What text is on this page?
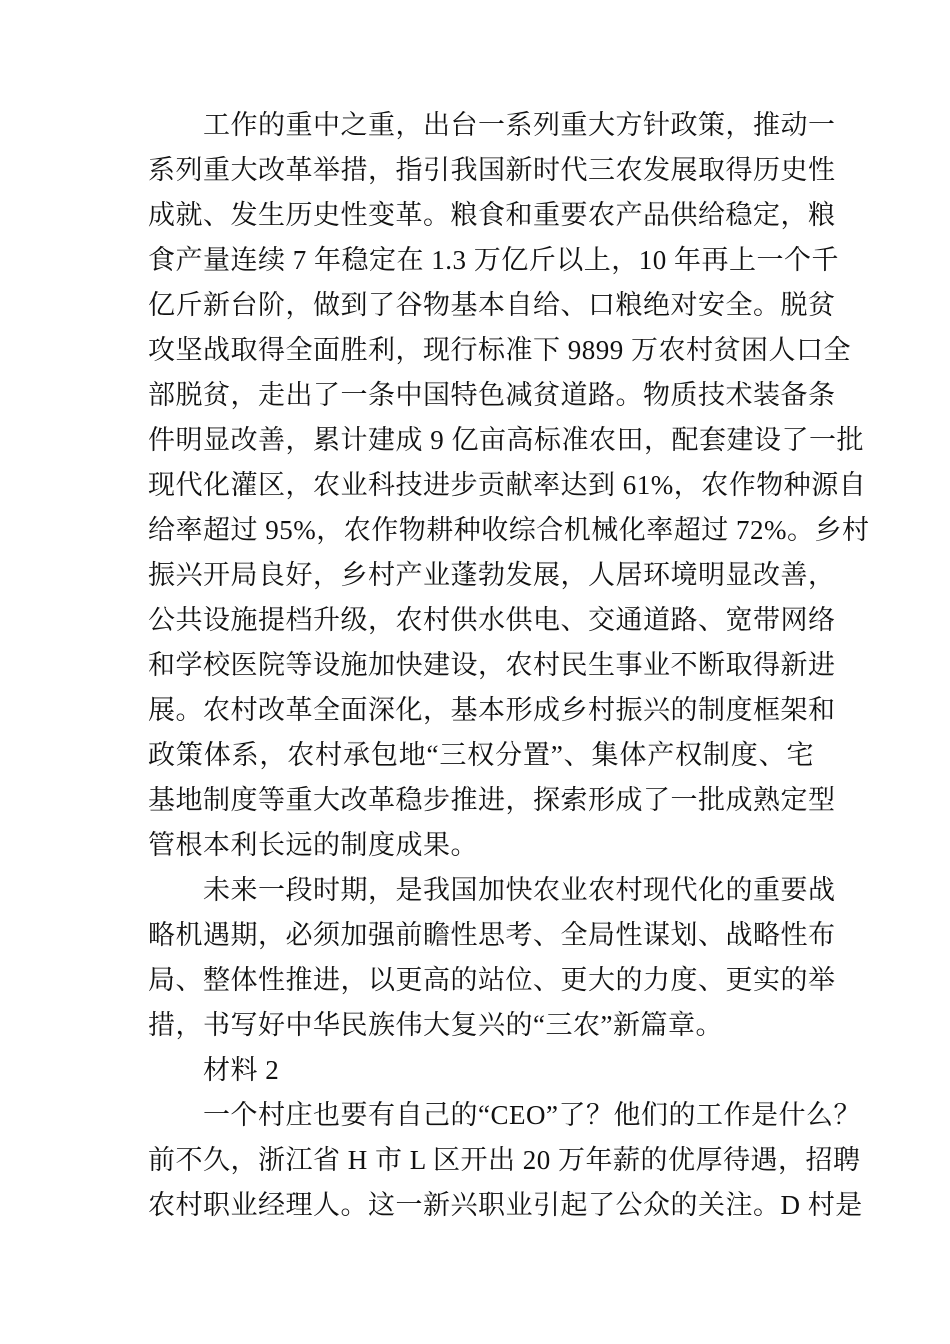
工作的重中之重，出台一系列重大方针政策，推动一
系列重大改革举措，指引我国新时代三农发展取得历史性
成就、发生历史性变革。粮食和重要农产品供给稳定，粮
食产量连续 7 年稳定在 1.3 万亿斤以上，10 年再上一个千
亿斤新台阶，做到了谷物基本自给、口粮绝对安全。脱贫
攻坚战取得全面胜利，现行标准下 9899 万农村贫困人口全
部脱贫，走出了一条中国特色减贫道路。物质技术装备条
件明显改善，累计建成 9 亿亩高标准农田，配套建设了一批
现代化灌区，农业科技进步贡献率达到 61%，农作物种源自
给率超过 95%，农作物耕种收综合机械化率超过 72%。乡村
振兴开局良好，乡村产业蓬勃发展，人居环境明显改善，
公共设施提档升级，农村供水供电、交通道路、宽带网络
和学校医院等设施加快建设，农村民生事业不断取得新进
展。农村改革全面深化，基本形成乡村振兴的制度框架和
政策体系，农村承包地“三权分置”、集体产权制度、宅
基地制度等重大改革稳步推进，探索形成了一批成熟定型
管根本利长远的制度成果。
未来一段时期，是我国加快农业农村现代化的重要战
略机遇期，必须加强前瞻性思考、全局性谋划、战略性布
局、整体性推进，以更高的站位、更大的力度、更实的举
措，书写好中华民族伟大复兴的“三农”新篇章。
材料 2
一个村庄也要有自己的“CEO”了？他们的工作是什么？
前不久，浙江省 H 市 L 区开出 20 万年薪的优厚待遇，招聘
农村职业经理人。这一新兴职业引起了公众的关注。D 村是
